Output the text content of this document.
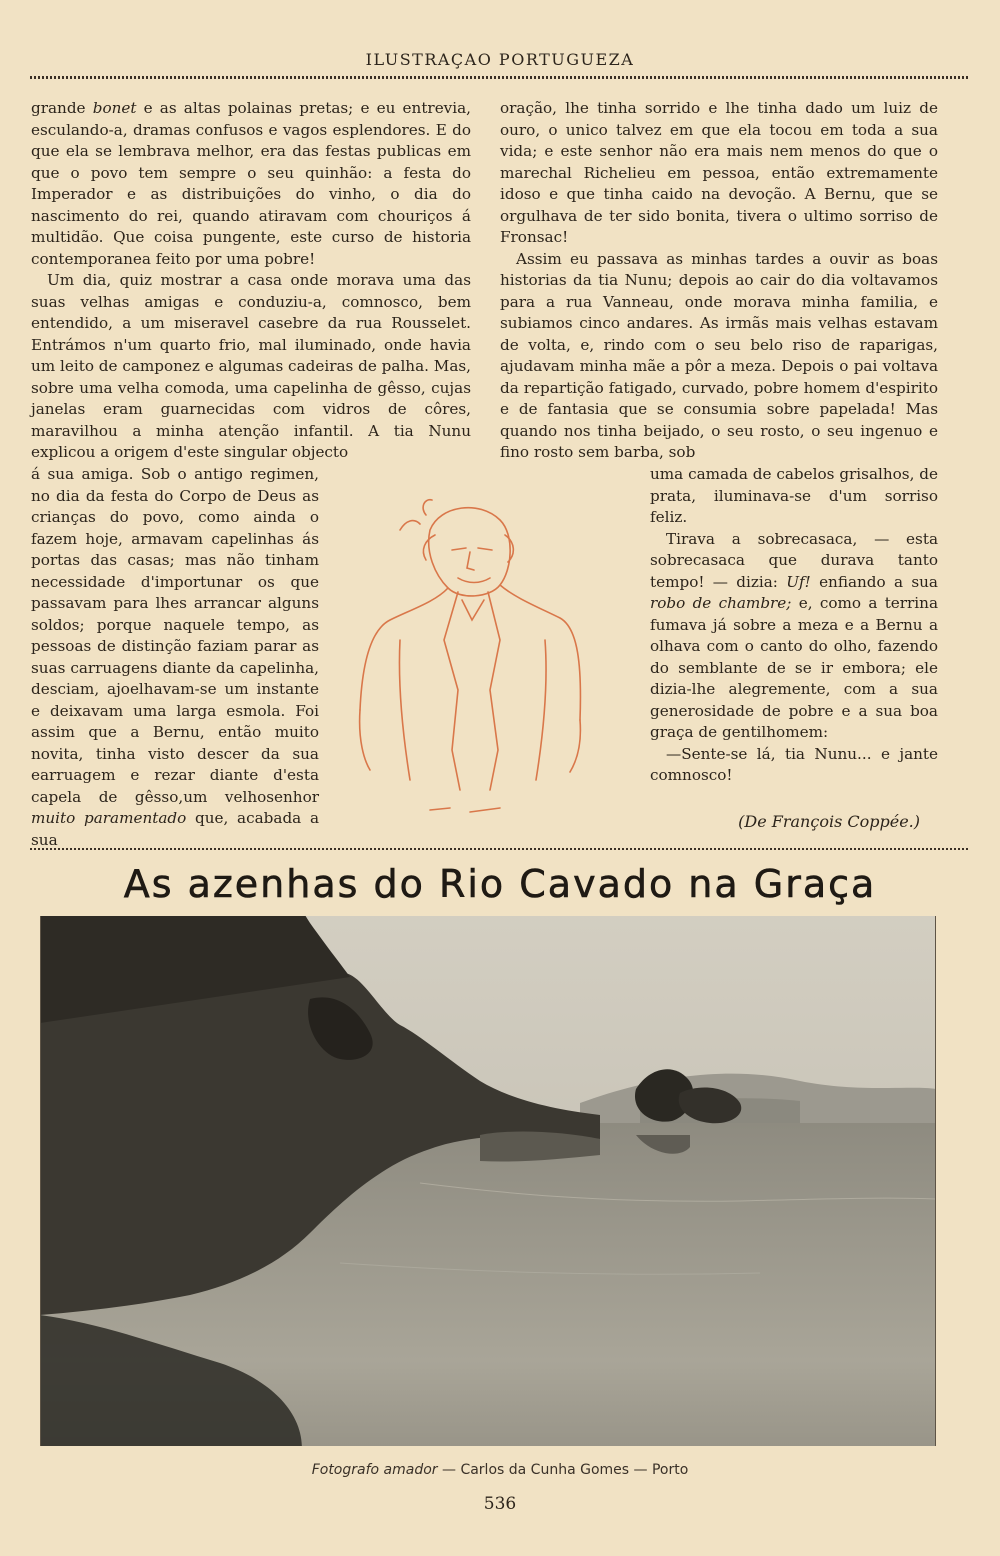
ILUSTRAÇAO PORTUGUEZA

grande bonet e as altas polainas pretas; e eu entrevia, esculando-a, dramas confusos e vagos esplendores. E do que ela se lembrava melhor, era das festas publicas em que o povo tem sempre o seu quinhão: a festa do Imperador e as distribuições do vinho, o dia do nascimento do rei, quando atiravam com chouriços á multidão. Que coisa pungente, este curso de historia contemporanea feito por uma pobre!

Um dia, quiz mostrar a casa onde morava uma das suas velhas amigas e conduziu-a, comnosco, bem entendido, a um miseravel casebre da rua Rousselet. Entrámos n'um quarto frio, mal iluminado, onde havia um leito de camponez e algumas cadeiras de palha. Mas, sobre uma velha comoda, uma capelinha de gêsso, cujas janelas eram guarnecidas com vidros de côres, maravilhou a minha atenção infantil. A tia Nunu explicou a origem d'este singular objecto

á sua amiga. Sob o antigo regimen, no dia da festa do Corpo de Deus as crianças do povo, como ainda o fazem hoje, armavam capelinhas ás portas das casas; mas não tinham necessidade d'importunar os que passavam para lhes arrancar alguns soldos; porque naquele tempo, as pessoas de distinção faziam parar as suas carruagens diante da capelinha, desciam, ajoelhavam-se um instante e deixavam uma larga esmola. Foi assim que a Bernu, então muito novita, tinha visto descer da sua earruagem e rezar diante d'esta capela de gêsso,um velhosenhor muito paramentado que, acabada a sua

oração, lhe tinha sorrido e lhe tinha dado um luiz de ouro, o unico talvez em que ela tocou em toda a sua vida; e este senhor não era mais nem menos do que o marechal Richelieu em pessoa, então extremamente idoso e que tinha caido na devoção. A Bernu, que se orgulhava de ter sido bonita, tivera o ultimo sorriso de Fronsac!

Assim eu passava as minhas tardes a ouvir as boas historias da tia Nunu; depois ao cair do dia voltavamos para a rua Vanneau, onde morava minha familia, e subiamos cinco andares. As irmãs mais velhas estavam de volta, e, rindo com o seu belo riso de raparigas, ajudavam minha mãe a pôr a meza. Depois o pai voltava da repartição fatigado, curvado, pobre homem d'espirito e de fantasia que se consumia sobre papelada! Mas quando nos tinha beijado, o seu rosto, o seu ingenuo e fino rosto sem barba, sob

uma camada de cabelos grisalhos, de prata, iluminava-se d'um sorriso feliz.

Tirava a sobrecasaca, — esta sobrecasaca que durava tanto tempo! — dizia: Uf! enfiando a sua robo de chambre; e, como a terrina fumava já sobre a meza e a Bernu a olhava com o canto do olho, fazendo do semblante de se ir embora; ele dizia-lhe alegremente, com a sua generosidade de pobre e a sua boa graça de gentilhomem:

—Sente-se lá, tia Nunu... e jante comnosco!

(De François Coppée.)
As azenhas do Rio Cavado na Graça
Fotografo amador — Carlos da Cunha Gomes — Porto
536
